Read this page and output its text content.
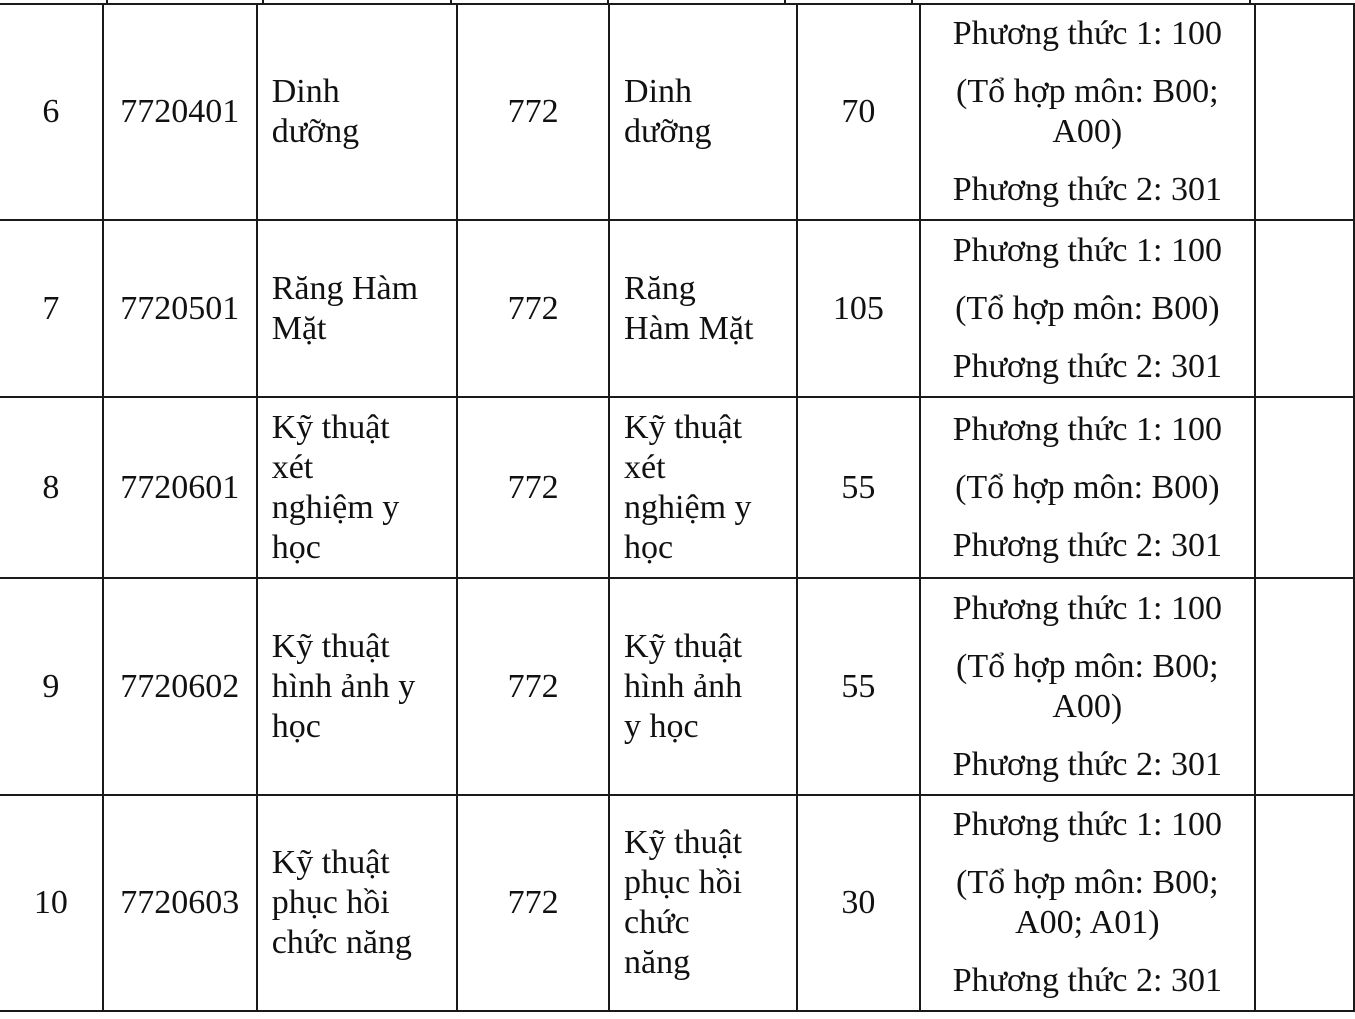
6	7720401	Dinh dưỡng	772	Dinh dưỡng	70	Phương thức 1: 100
(Tổ hợp môn: B00; A00)
Phương thức 2: 301	

7	7720501	Răng Hàm Mặt	772	Răng Hàm Mặt	105	Phương thức 1: 100
(Tổ hợp môn: B00)
Phương thức 2: 301	

8	7720601	Kỹ thuật xét nghiệm y học	772	Kỹ thuật xét nghiệm y học	55	Phương thức 1: 100
(Tổ hợp môn: B00)
Phương thức 2: 301	

9	7720602	Kỹ thuật hình ảnh y học	772	Kỹ thuật hình ảnh y học	55	Phương thức 1: 100
(Tổ hợp môn: B00; A00)
Phương thức 2: 301	

10	7720603	Kỹ thuật phục hồi chức năng	772	Kỹ thuật phục hồi chức năng	30	Phương thức 1: 100
(Tổ hợp môn: B00; A00; A01)
Phương thức 2: 301	
